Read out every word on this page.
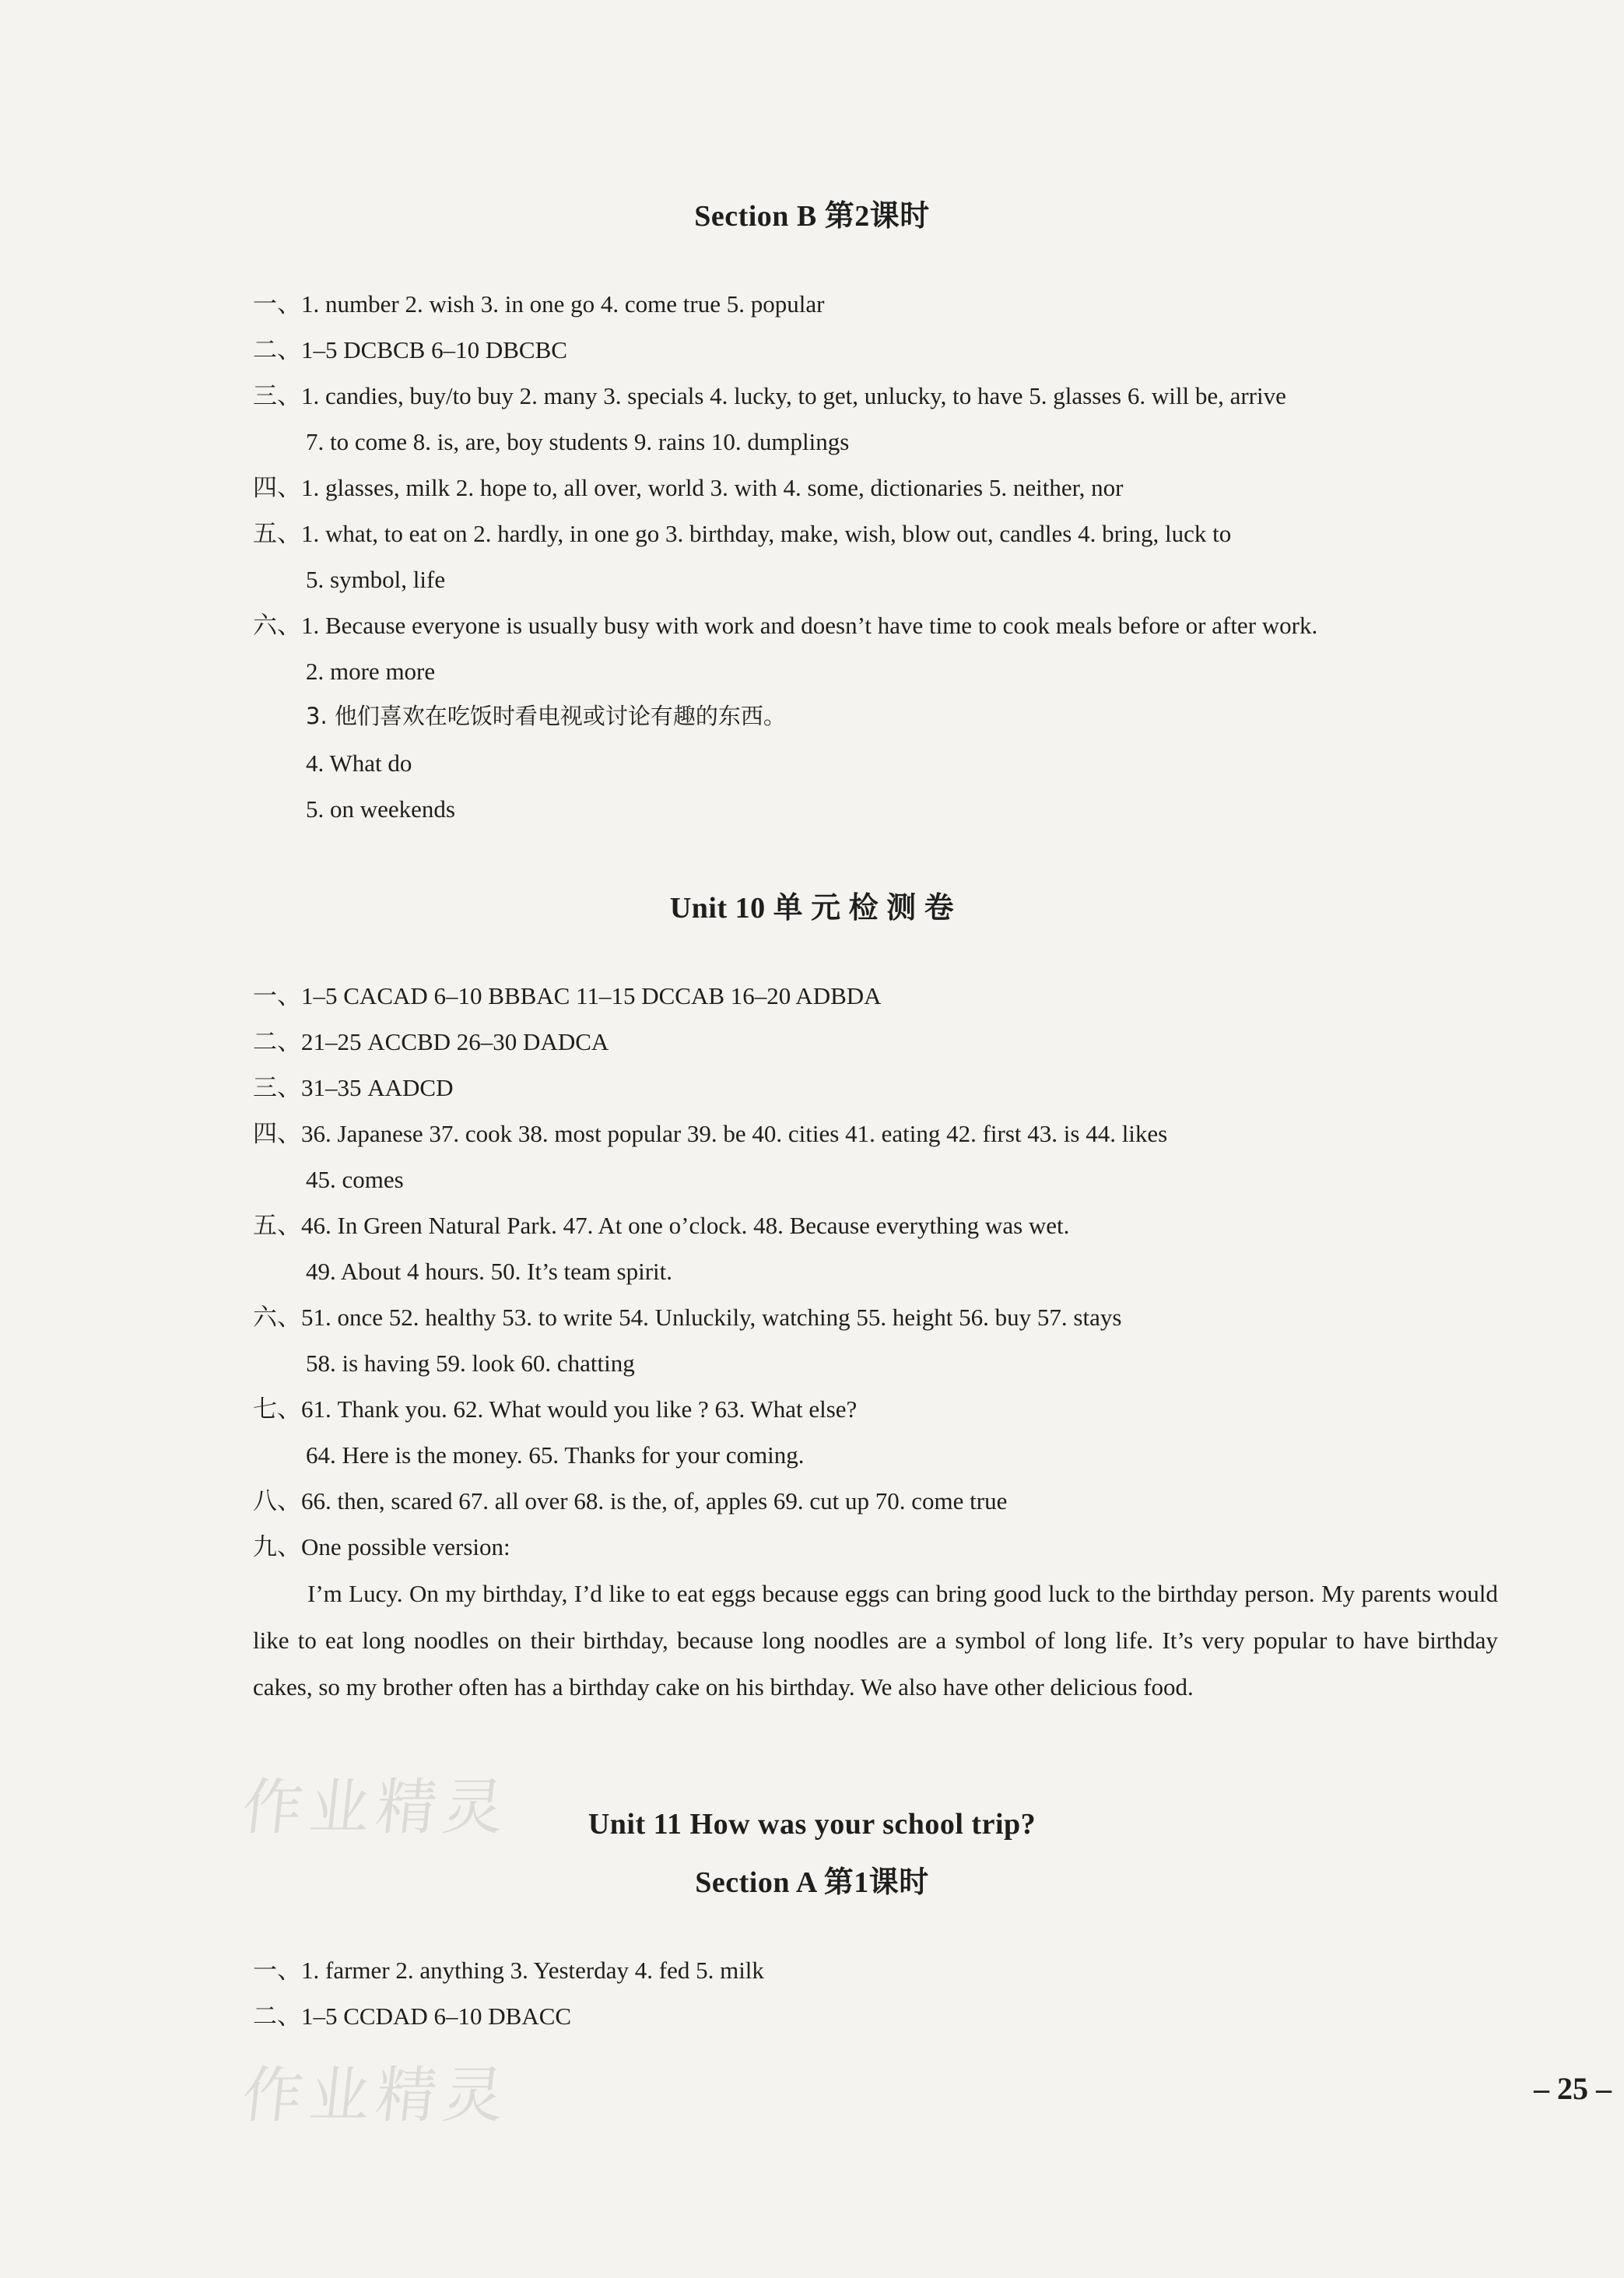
Section B 第2课时
一、1. number 2. wish 3. in one go 4. come true 5. popular
二、1–5 DCBCB 6–10 DBCBC
三、1. candies, buy/to buy 2. many 3. specials 4. lucky, to get, unlucky, to have 5. glasses 6. will be, arrive
7. to come 8. is, are, boy students 9. rains 10. dumplings
四、1. glasses, milk 2. hope to, all over, world 3. with 4. some, dictionaries 5. neither, nor
五、1. what, to eat on 2. hardly, in one go 3. birthday, make, wish, blow out, candles 4. bring, luck to
5. symbol, life
六、1. Because everyone is usually busy with work and doesn’t have time to cook meals before or after work.
2. more more
3. 他们喜欢在吃饭时看电视或讨论有趣的东西。
4. What do
5. on weekends
Unit 10 单 元 检 测 卷
一、1–5 CACAD 6–10 BBBAC 11–15 DCCAB 16–20 ADBDA
二、21–25 ACCBD 26–30 DADCA
三、31–35 AADCD
四、36. Japanese 37. cook 38. most popular 39. be 40. cities 41. eating 42. first 43. is 44. likes
45. comes
五、46. In Green Natural Park. 47. At one o’clock. 48. Because everything was wet.
49. About 4 hours. 50. It’s team spirit.
六、51. once 52. healthy 53. to write 54. Unluckily, watching 55. height 56. buy 57. stays
58. is having 59. look 60. chatting
七、61. Thank you. 62. What would you like ? 63. What else?
64. Here is the money. 65. Thanks for your coming.
八、66. then, scared 67. all over 68. is the, of, apples 69. cut up 70. come true
九、One possible version:
I’m Lucy. On my birthday, I’d like to eat eggs because eggs can bring good luck to the birthday person. My parents would like to eat long noodles on their birthday, because long noodles are a symbol of long life. It’s very popular to have birthday cakes, so my brother often has a birthday cake on his birthday. We also have other delicious food.
作业精灵	Unit 11 How was your school trip?
Section A 第1课时
一、1. farmer 2. anything 3. Yesterday 4. fed 5. milk
二、1–5 CCDAD 6–10 DBACC
作业精灵	– 25 –
